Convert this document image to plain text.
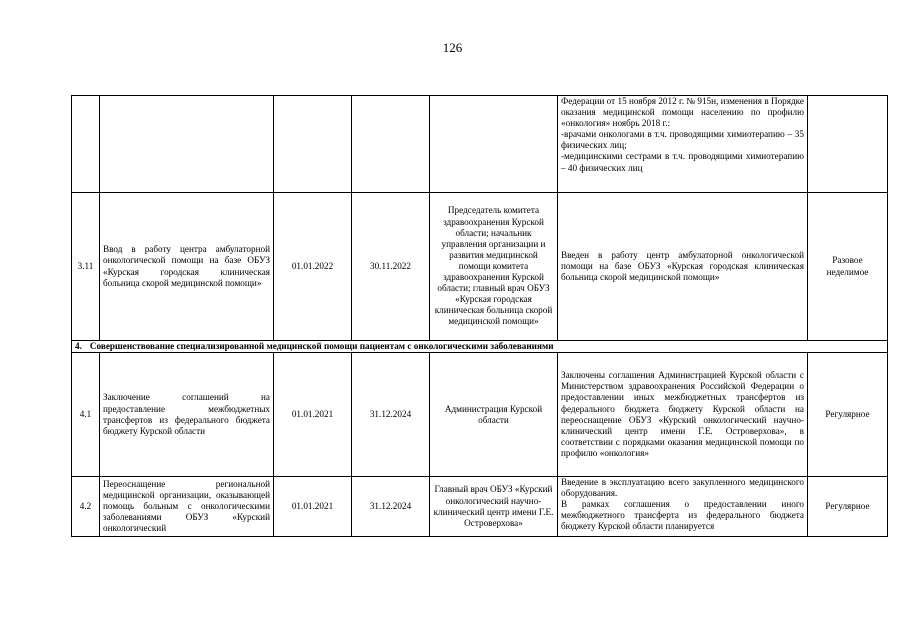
126

					Федерации от 15 ноября 2012 г. № 915н, изменения в Порядке оказания медицинской помощи населению по профилю «онкология» ноябрь 2018 г.:
-врачами онкологами в т.ч. проводящими химиотерапию – 35 физических лиц;
-медицинскими сестрами в т.ч. проводящими химиотерапию – 40 физических лиц	

3.11	Ввод в работу центра амбулаторной онкологической помощи на базе ОБУЗ «Курская городская клиническая больница скорой медицинской помощи»	01.01.2022	30.11.2022	Председатель комитета здравоохранения Курской области; начальник управления организации и развития медицинской помощи комитета здравоохранения Курской области; главный врач ОБУЗ «Курская городская клиническая больница скорой медицинской помощи»	Введен в работу центр амбулаторной онкологической помощи на базе ОБУЗ «Курская городская клиническая больница скорой медицинской помощи»	Разовое неделимое
4. Совершенствование специализированной медицинской помощи пациентам с онкологическими заболеваниями						
4.1	Заключение соглашений на предоставление межбюджетных трансфертов из федерального бюджета бюджету Курской области	01.01.2021	31.12.2024	Администрация Курской области	Заключены соглашения Администрацией Курской области с Министерством здравоохранения Российской Федерации о предоставлении иных межбюджетных трансфертов из федерального бюджета бюджету Курской области на переоснащение ОБУЗ «Курский онкологический научно-клинический центр имени Г.Е. Островерхова», в соответствии с порядками оказания медицинской помощи по профилю «онкология»	Регулярное
4.2	Переоснащение региональной медицинской организации, оказывающей помощь больным с онкологическими заболеваниями ОБУЗ «Курский онкологический	01.01.2021	31.12.2024	Главный врач ОБУЗ «Курский онкологический научно-клинический центр имени Г.Е. Островерхова»	Введение в эксплуатацию всего закупленного медицинского оборудования.
В рамках соглашения о предоставлении иного межбюджетного трансферта из федерального бюджета бюджету Курской области планируется	Регулярное
